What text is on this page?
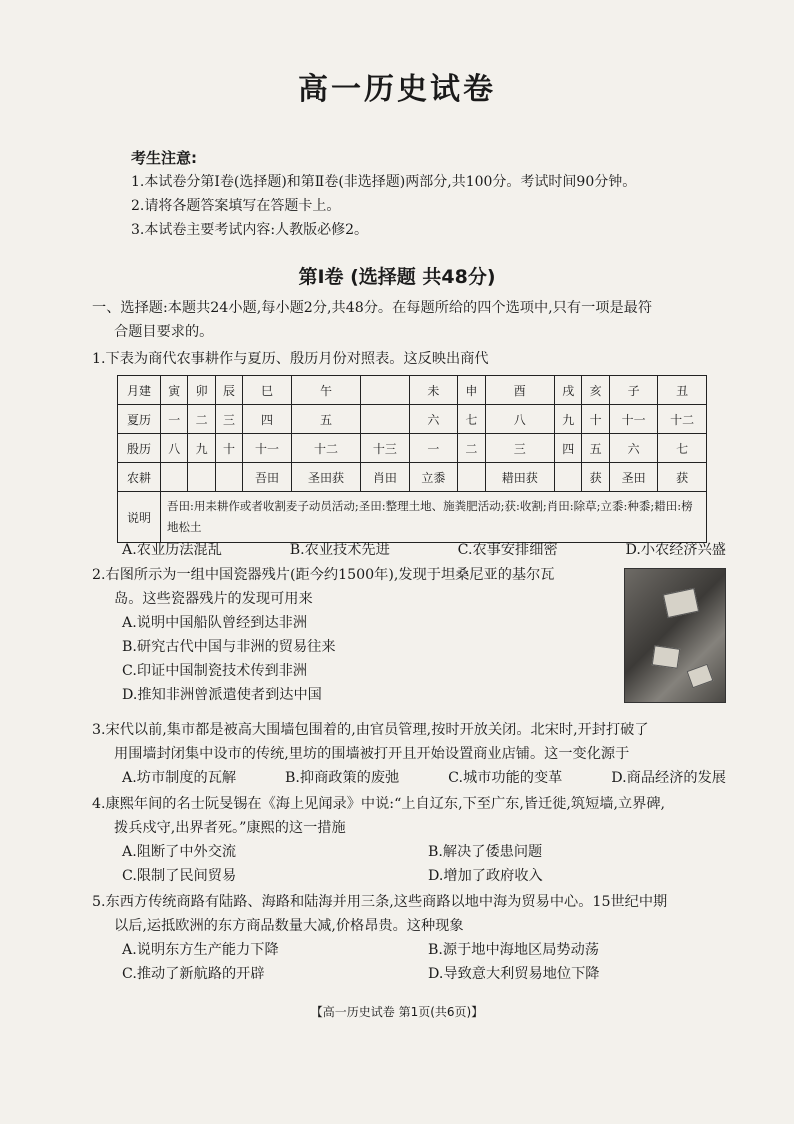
高一历史试卷
考生注意:
1.本试卷分第Ⅰ卷(选择题)和第Ⅱ卷(非选择题)两部分,共100分。考试时间90分钟。
2.请将各题答案填写在答题卡上。
3.本试卷主要考试内容:人教版必修2。
第Ⅰ卷 (选择题 共48分)
一、选择题:本题共24小题,每小题2分,共48分。在每题所给的四个选项中,只有一项是最符
合题目要求的。
1.下表为商代农事耕作与夏历、殷历月份对照表。这反映出商代
月建	寅	卯	辰	巳	午		未	申	酉	戌	亥	子	丑
夏历	一	二	三	四	五		六	七	八	九	十	十一	十二
殷历	八	九	十	十一	十二	十三	一	二	三	四	五	六	七
农耕				吾田	圣田获	肖田	立黍		耤田获		获	圣田	获
说明	吾田:用耒耕作或者收割麦子动员活动;圣田:整理土地、施粪肥活动;获:收割;肖田:除草;立黍:种黍;耤田:榜地松土												
A.农业历法混乱	B.农业技术先进	C.农事安排细密	D.小农经济兴盛
2.右图所示为一组中国瓷器残片(距今约1500年),发现于坦桑尼亚的基尔瓦
岛。这些瓷器残片的发现可用来
A.说明中国船队曾经到达非洲
B.研究古代中国与非洲的贸易往来
C.印证中国制瓷技术传到非洲
D.推知非洲曾派遣使者到达中国
3.宋代以前,集市都是被高大围墙包围着的,由官员管理,按时开放关闭。北宋时,开封打破了
用围墙封闭集中设市的传统,里坊的围墙被打开且开始设置商业店铺。这一变化源于
A.坊市制度的瓦解	B.抑商政策的废弛	C.城市功能的变革	D.商品经济的发展
4.康熙年间的名士阮旻锡在《海上见闻录》中说:“上自辽东,下至广东,皆迁徙,筑短墙,立界碑,
拨兵戍守,出界者死。”康熙的这一措施
A.阻断了中外交流	B.解决了倭患问题
C.限制了民间贸易	D.增加了政府收入
5.东西方传统商路有陆路、海路和陆海并用三条,这些商路以地中海为贸易中心。15世纪中期
以后,运抵欧洲的东方商品数量大减,价格昂贵。这种现象
A.说明东方生产能力下降	B.源于地中海地区局势动荡
C.推动了新航路的开辟	D.导致意大利贸易地位下降
【高一历史试卷 第1页(共6页)】
